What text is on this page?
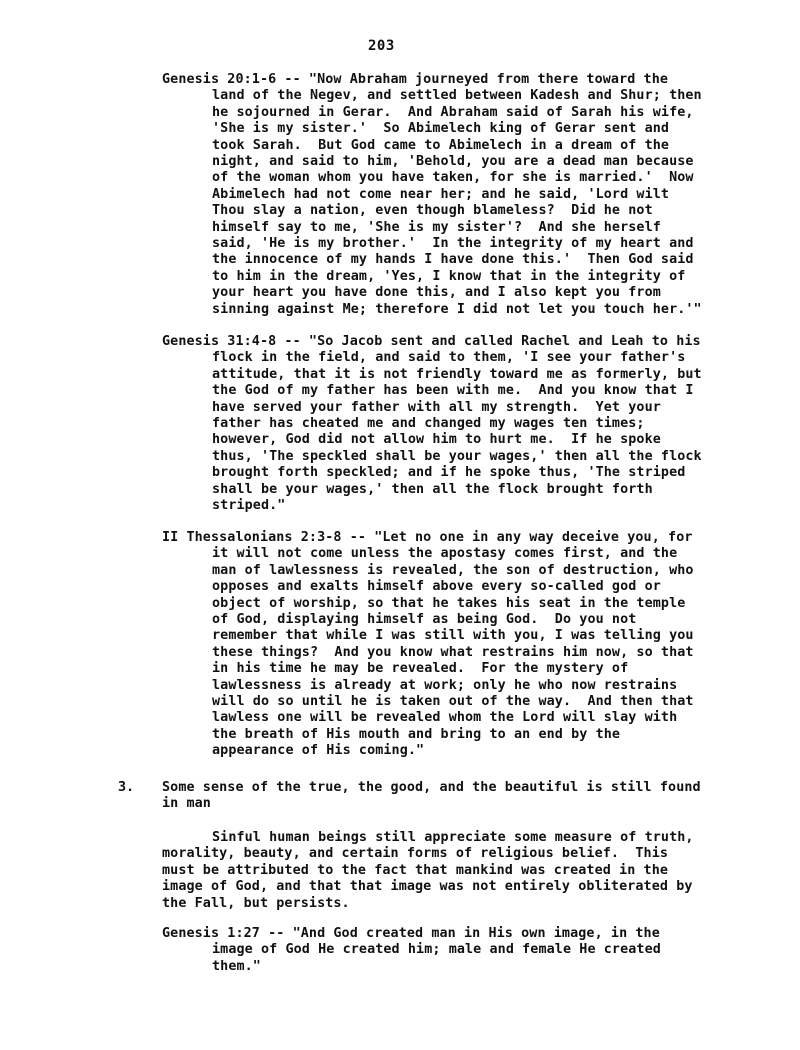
203
Genesis 20:1-6 -- "Now Abraham journeyed from there toward the
land of the Negev, and settled between Kadesh and Shur; then
he sojourned in Gerar.  And Abraham said of Sarah his wife,
'She is my sister.'  So Abimelech king of Gerar sent and
took Sarah.  But God came to Abimelech in a dream of the
night, and said to him, 'Behold, you are a dead man because
of the woman whom you have taken, for she is married.'  Now
Abimelech had not come near her; and he said, 'Lord wilt
Thou slay a nation, even though blameless?  Did he not
himself say to me, 'She is my sister'?  And she herself
said, 'He is my brother.'  In the integrity of my heart and
the innocence of my hands I have done this.'  Then God said
to him in the dream, 'Yes, I know that in the integrity of
your heart you have done this, and I also kept you from
sinning against Me; therefore I did not let you touch her.'"
Genesis 31:4-8 -- "So Jacob sent and called Rachel and Leah to his
flock in the field, and said to them, 'I see your father's
attitude, that it is not friendly toward me as formerly, but
the God of my father has been with me.  And you know that I
have served your father with all my strength.  Yet your
father has cheated me and changed my wages ten times;
however, God did not allow him to hurt me.  If he spoke
thus, 'The speckled shall be your wages,' then all the flock
brought forth speckled; and if he spoke thus, 'The striped
shall be your wages,' then all the flock brought forth
striped."
II Thessalonians 2:3-8 -- "Let no one in any way deceive you, for
it will not come unless the apostasy comes first, and the
man of lawlessness is revealed, the son of destruction, who
opposes and exalts himself above every so-called god or
object of worship, so that he takes his seat in the temple
of God, displaying himself as being God.  Do you not
remember that while I was still with you, I was telling you
these things?  And you know what restrains him now, so that
in his time he may be revealed.  For the mystery of
lawlessness is already at work; only he who now restrains
will do so until he is taken out of the way.  And then that
lawless one will be revealed whom the Lord will slay with
the breath of His mouth and bring to an end by the
appearance of His coming."
3. Some sense of the true, the good, and the beautiful is still found
in man
Sinful human beings still appreciate some measure of truth,
morality, beauty, and certain forms of religious belief.  This
must be attributed to the fact that mankind was created in the
image of God, and that that image was not entirely obliterated by
the Fall, but persists.
Genesis 1:27 -- "And God created man in His own image, in the
image of God He created him; male and female He created
them."
